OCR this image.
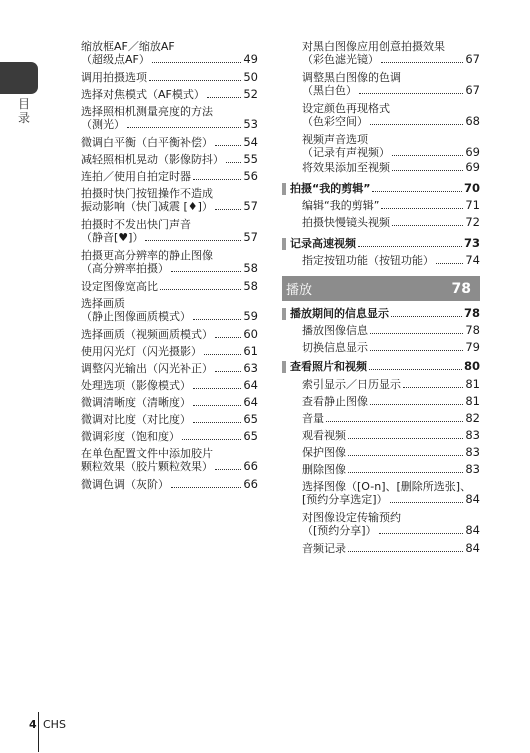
目录
缩放框AF／缩放AF
（超级点AF）	49
调用拍摄选项	50
选择对焦模式（AF模式）	52
选择照相机测量亮度的方法
（测光）	53
微调白平衡（白平衡补偿）	54
减轻照相机晃动（影像防抖） 55
连拍／使用自拍定时器	56
拍摄时快门按钮操作不造成
振动影响（快门减震 [♦]）	57
拍摄时不发出快门声音
（静音[♥]）	57
拍摄更高分辨率的静止图像
（高分辨率拍摄）	58
设定图像宽高比	58
选择画质
（静止图像画质模式）	59
选择画质（视频画质模式）	60
使用闪光灯（闪光摄影）	61
调整闪光输出（闪光补正）	63
处理选项（影像模式）	64
微调清晰度（清晰度）	64
微调对比度（对比度）	65
微调彩度（饱和度）	65
在单色配置文件中添加胶片
颗粒效果（胶片颗粒效果）	66
微调色调（灰阶）	66
播放	78
对黑白图像应用创意拍摄效果
（彩色滤光镜）	67
调整黑白图像的色调
（黑白色）	67
设定颜色再现格式
（色彩空间）	68
视频声音选项
（记录有声视频）	69
将效果添加至视频	69
拍摄“我的剪辑”	70
编辑“我的剪辑”	71
拍摄快慢镜头视频	72
记录高速视频	73
指定按钮功能（按钮功能）	74
播放期间的信息显示	78
播放图像信息	78
切换信息显示	79
查看照片和视频	80
索引显示／日历显示	81
查看静止图像	81
音量	82
观看视频	83
保护图像	83
删除图像	83
选择图像（[O-n]、[删除所选张]、
[预约分享选定]）	84
对图像设定传输预约
（[预约分享]）	84
音频记录	84
4 CHS
